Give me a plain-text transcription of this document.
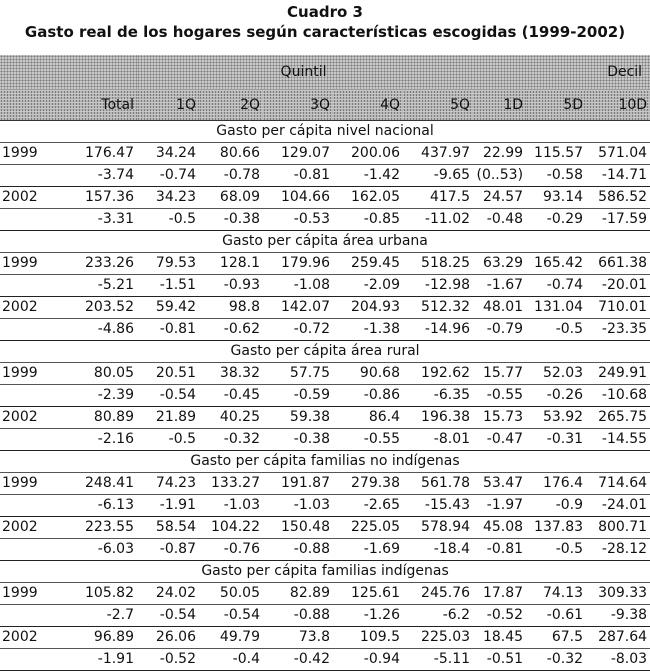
Cuadro 3
Gasto real de los hogares según características escogidas (1999-2002)
		Quintil					Decil		
	Total	1Q	2Q	3Q	4Q	5Q	1D	5D	10D
Gasto per cápita nivel nacional									
1999	176.47	34.24	80.66	129.07	200.06	437.97	22.99	115.57	571.04
	-3.74	-0.74	-0.78	-0.81	-1.42	-9.65	(0..53)	-0.58	-14.71
2002	157.36	34.23	68.09	104.66	162.05	417.5	24.57	93.14	586.52
	-3.31	-0.5	-0.38	-0.53	-0.85	-11.02	-0.48	-0.29	-17.59
Gasto per cápita área urbana									
1999	233.26	79.53	128.1	179.96	259.45	518.25	63.29	165.42	661.38
	-5.21	-1.51	-0.93	-1.08	-2.09	-12.98	-1.67	-0.74	-20.01
2002	203.52	59.42	98.8	142.07	204.93	512.32	48.01	131.04	710.01
	-4.86	-0.81	-0.62	-0.72	-1.38	-14.96	-0.79	-0.5	-23.35
Gasto per cápita área rural									
1999	80.05	20.51	38.32	57.75	90.68	192.62	15.77	52.03	249.91
	-2.39	-0.54	-0.45	-0.59	-0.86	-6.35	-0.55	-0.26	-10.68
2002	80.89	21.89	40.25	59.38	86.4	196.38	15.73	53.92	265.75
	-2.16	-0.5	-0.32	-0.38	-0.55	-8.01	-0.47	-0.31	-14.55
Gasto per cápita familias no indígenas									
1999	248.41	74.23	133.27	191.87	279.38	561.78	53.47	176.4	714.64
	-6.13	-1.91	-1.03	-1.03	-2.65	-15.43	-1.97	-0.9	-24.01
2002	223.55	58.54	104.22	150.48	225.05	578.94	45.08	137.83	800.71
	-6.03	-0.87	-0.76	-0.88	-1.69	-18.4	-0.81	-0.5	-28.12
Gasto per cápita familias indígenas									
1999	105.82	24.02	50.05	82.89	125.61	245.76	17.87	74.13	309.33
	-2.7	-0.54	-0.54	-0.88	-1.26	-6.2	-0.52	-0.61	-9.38
2002	96.89	26.06	49.79	73.8	109.5	225.03	18.45	67.5	287.64
	-1.91	-0.52	-0.4	-0.42	-0.94	-5.11	-0.51	-0.32	-8.03
